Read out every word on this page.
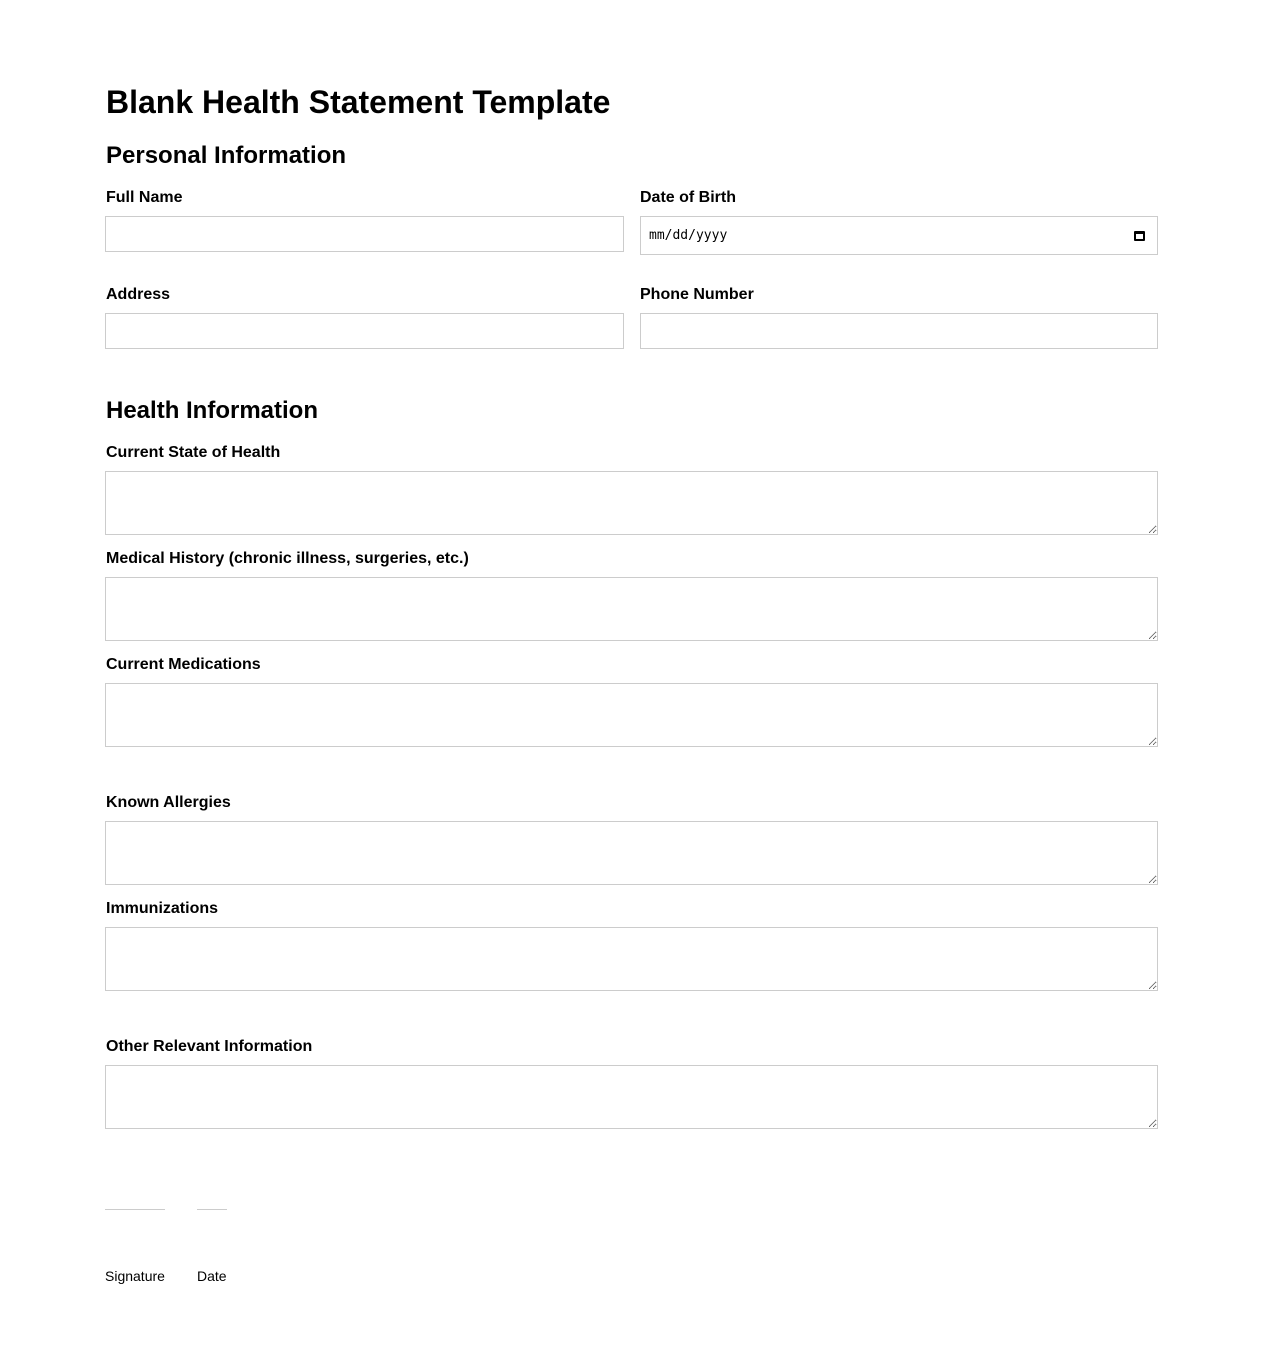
Blank Health Statement Template
Personal Information
Full Name	Date of Birth
mm/dd/yyyy
Address	Phone Number
Health Information
Current State of Health
Medical History (chronic illness, surgeries, etc.)
Current Medications
Known Allergies
Immunizations
Other Relevant Information
Signature Date
